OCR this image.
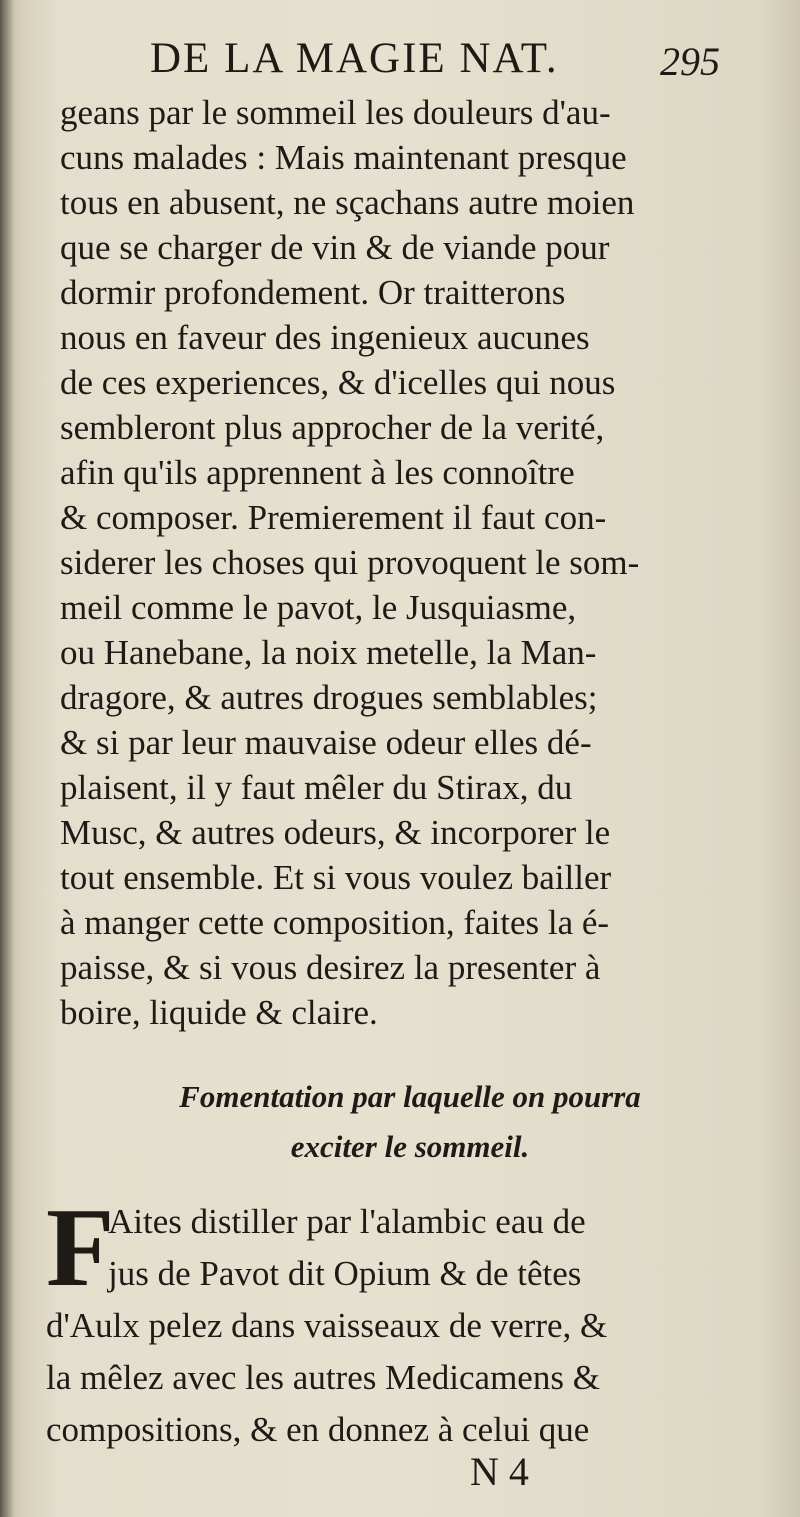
DE LA MAGIE NAT.	295
geans par le sommeil les douleurs d'au-
cuns malades : Mais maintenant presque
tous en abusent, ne sçachans autre moien
que se charger de vin & de viande pour
dormir profondement. Or traitterons
nous en faveur des ingenieux aucunes
de ces experiences, & d'icelles qui nous
sembleront plus approcher de la verité,
afin qu'ils apprennent à les connoître
& composer. Premierement il faut con-
siderer les choses qui provoquent le som-
meil comme le pavot, le Jusquiasme,
ou Hanebane, la noix metelle, la Man-
dragore, & autres drogues semblables;
& si par leur mauvaise odeur elles dé-
plaisent, il y faut mêler du Stirax, du
Musc, & autres odeurs, & incorporer le
tout ensemble. Et si vous voulez bailler
à manger cette composition, faites la é-
paisse, & si vous desirez la presenter à
boire, liquide & claire.
Fomentation par laquelle on pourra
exciter le sommeil.
F
Aites distiller par l'alambic eau de
jus de Pavot dit Opium & de têtes
d'Aulx pelez dans vaisseaux de verre, &
la mêlez avec les autres Medicamens &
compositions, & en donnez à celui que
N 4
